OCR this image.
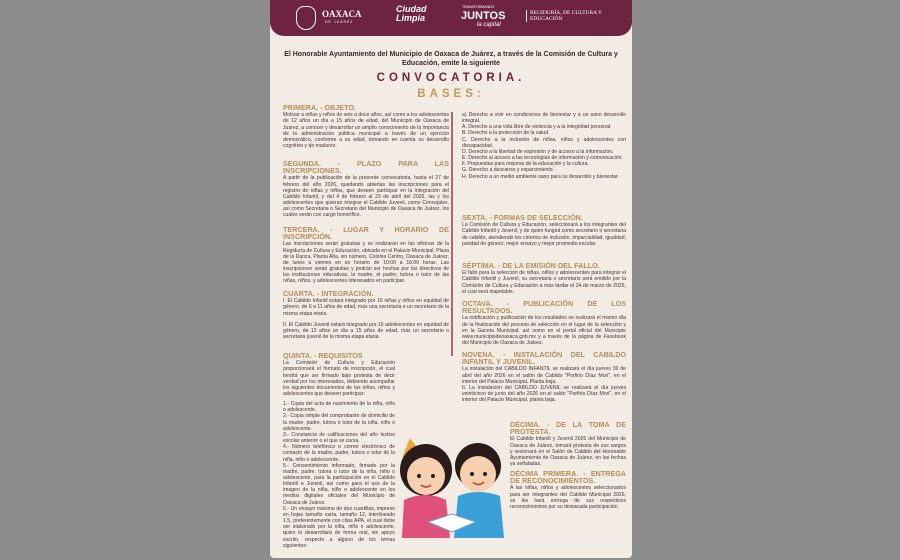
OAXACA
DE JUÁREZ
Ciudad Limpia
TRANSFORMANDO
JUNTOS
la capital
REGIDURÍA, DE CULTURA Y EDUCACIÓN
El Honorable Ayuntamiento del Municipio de Oaxaca de Juárez, a través de la Comisión de Cultura y Educación, emite la siguiente
CONVOCATORIA.
BASES:
PRIMERA. - OBJETO.

Motivar a niñas y niños de seis a doce años, así como a los adolescentes de 12 años un día a 15 años de edad, del Municipio de Oaxaca de Juárez, a conocer y desarrollar un amplio conocimiento de la importancia de la administración pública municipal a través de un ejercicio democrático, conforme a su edad, tomando en cuenta su desarrollo cognitivo y de madurez.

SEGUNDA. - PLAZO PARA LAS INSCRIPCIONES.

A partir de la publicación de la presente convocatoria, hasta el 27 de febrero del año 2026, quedando abiertas las inscripciones para el registro de niñas y niños, que deseen participar en la integración del Cabildo Infantil, y del 4 de febrero al 23 de abril del 2026, las y los adolescentes que quieran integrar el Cabildo Juvenil, como Concejales, así como Secretaria o Secretario del Municipio de Oaxaca de Juárez, los cuales serán con cargo honorífico.

TERCERA. - LUGAR Y HORARIO DE INSCRIPCIÓN.

Las inscripciones serán gratuitas y se realizarán en las oficinas de la Regiduría de Cultura y Educación, ubicada en el Palacio Municipal, Plaza de la Danza, Planta Alta, sin número, Colonia Centro, Oaxaca de Juárez, de lunes a viernes en un horario de 10:00 a 16:00 horas. Las inscripciones serán gratuitas y podrán ser hechas por los directivos de las instituciones educativas, la madre, el padre, tutora o tutor de las niñas, niños, y adolescentes interesados en participar.

CUARTA. - INTEGRACIÓN.

I. El Cabildo Infantil estará integrado por 16 niñas y niños en equidad de género, de 6 a 11 años de edad, más una secretaria o un secretario de la misma etapa etaria.

II. El Cabildo Juvenil estará integrado por 16 adolescentes en equidad de género, de 12 años un día a 15 años de edad, más un secretario o secretaria juvenil de la misma etapa etaria.

QUINTA. - REQUISITOS

La Comisión de Cultura y Educación proporcionará el formato de inscripción, el cual tendrá que ser firmado bajo protesta de decir verdad por los interesados, debiendo acompañar los siguientes documentos de las niñas, niños y adolescentes que deseen participar:

1.- Copia del acta de nacimiento de la niña, niño o adolescente.

2.- Copia simple del comprobante de domicilio de la madre, padre, tutora o tutor de la niña, niño o adolescente.

3.- Constancia de calificaciones del año lectivo escolar anterior o el que se cursa.

4.- Número telefónico o correo electrónico de contacto de la madre, padre, tutora o tutor de la niña, niño o adolescente.

5.- Consentimiento informado, firmado por la madre, padre, tutora o tutor de la niña, niño o adolescente, para la participación en el Cabildo Infantil o Juvenil, así como para el uso de la imagen de la niña, niño o adolescente en los medios digitales oficiales del Municipio de Oaxaca de Juárez.

6.- Un ensayo máximo de dos cuartillas, impreso en hojas tamaño carta, tamaño 12, interlineado 1.5, preferentemente con citas APA, el cual debe ser elaborado por la niña, niño o adolescente, quien lo desarrollará de forma oral, sin apoyo escrito, respecto a alguno de los temas siguientes:

a) Derecho a vivir en condiciones de bienestar y a un sano desarrollo integral.

A. Derecho a una vida libre de violencia y a la integridad personal.

B. Derecho a la protección de la salud.

C. Derecho a la inclusión de niñas, niños y adolescentes con discapacidad.

D. Derecho a la libertad de expresión y de acceso a la información.

E. Derecho al acceso a las tecnologías de información y comunicación.

F. Propuestas para mejoras de la educación y la cultura.

G. Derecho a descanso y esparcimiento.

H. Derecho a un medio ambiente sano para su desarrollo y bienestar.

SEXTA. - FORMAS DE SELECCIÓN.

La Comisión de Cultura y Educación, seleccionará a los integrantes del Cabildo Infantil y Juvenil, y de quien fungirá como secretario o secretaria de cabildo, atendiendo los criterios de inclusión, imparcialidad, igualdad, paridad de género, mejor ensayo y mejor promedio escolar.

SÉPTIMA. - DE LA EMISIÓN DEL FALLO.

El fallo para la selección de niñas, niños y adolescentes para integrar el Cabildo Infantil y Juvenil, su secretaria o secretario será emitido por la Comisión de Cultura y Educación a más tardar el 24 de marzo de 2026, el cual será inapelable.

OCTAVA. - PUBLICACIÓN DE LOS RESULTADOS.

La notificación y publicación de los resultados se realizará el mismo día de la finalización del proceso de selección en el lugar de la selección y en la Gaceta Municipal, así como en el portal oficial del Municipio www.municipiodeoaxaca.gob.mx y a través de la página de Facebook del Municipio de Oaxaca de Juárez.

NOVENA. - INSTALACIÓN DEL CABILDO INFANTIL Y JUVENIL.

La instalación del CABILDO INFANTIL se realizará el día jueves 30 de abril del año 2026 en el salón de Cabildo "Porfirio Díaz Mori", en el interior del Palacio Municipal, Planta baja.

II. La instalación del CABILDO JUVENIL se realizará el día jueves veinticinco de junio del año 2026 en el salón "Porfirio Díaz Mori", en el interior del Palacio Municipal, planta baja.

DÉCIMA. - DE LA TOMA DE PROTESTA.

El Cabildo Infantil y Juvenil 2026 del Municipio de Oaxaca de Juárez, tomará protesta de sus cargos y sesionará en el Salón de Cabildo del Honorable Ayuntamiento de Oaxaca de Juárez, en las fechas ya señaladas.

DÉCIMA PRIMERA. - ENTREGA DE RECONOCIMIENTOS.

A las niñas, niños y adolescentes seleccionados para ser integrantes del Cabildo Municipal 2026, se les hará entrega de sus respectivos reconocimientos por su destacada participación.
